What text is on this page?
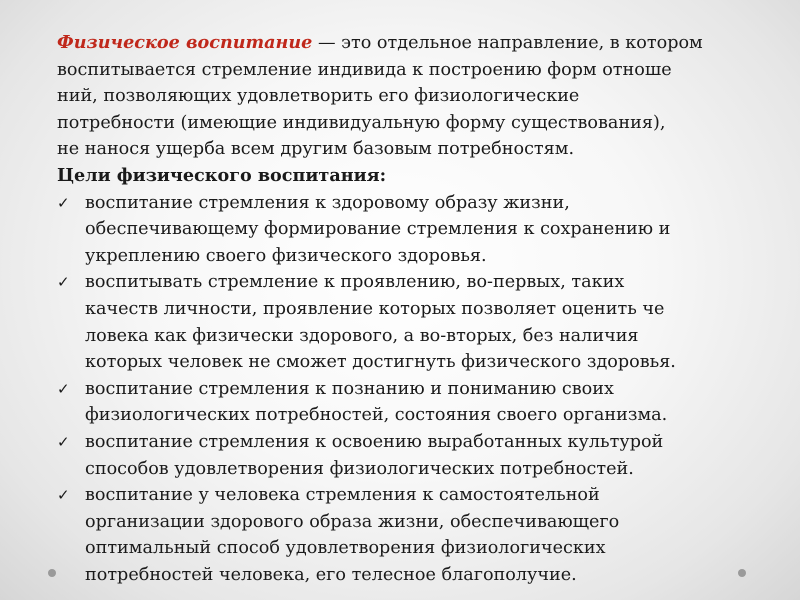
Физическое воспитание — это отдельное направление, в котором
воспитывается стремление индивида к построению форм отноше
ний, позволяющих удовлетворить его физиологические
потребности (имеющие индивидуальную форму существования),
не нанося ущерба всем другим базовым потребностям.
Цели физического воспитания:
✓ воспитание стремления к здоровому образу жизни,
обеспечивающему формирование стремления к сохранению и
укреплению своего физического здоровья.
✓ воспитывать стремление к проявлению, во-первых, таких
качеств личности, проявление которых позволяет оценить че
ловека как физически здорового, а во-вторых, без наличия
которых человек не сможет достигнуть физического здоровья.
✓ воспитание стремления к познанию и пониманию своих
физиологических потребностей, состояния своего организма.
✓ воспитание стремления к освоению выработанных культурой
способов удовлетворения физиологических потребностей.
✓ воспитание у человека стремления к самостоятельной
организации здорового образа жизни, обеспечивающего
оптимальный способ удовлетворения физиологических
потребностей человека, его телесное благополучие.
